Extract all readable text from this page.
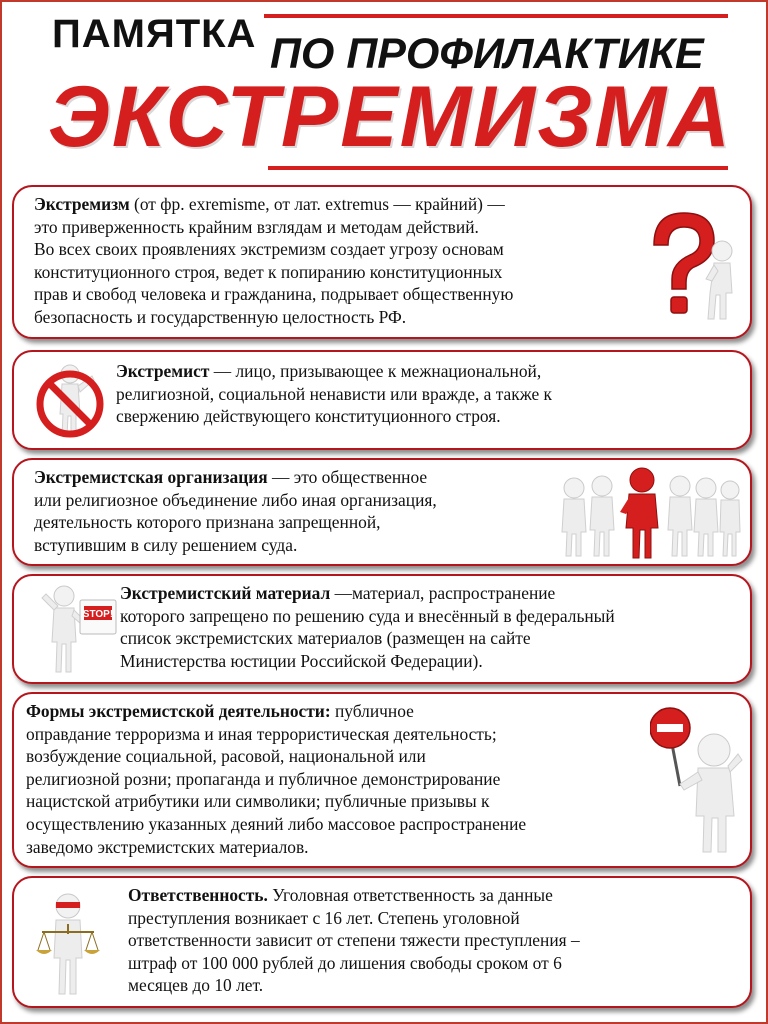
ПАМЯТКА ПО ПРОФИЛАКТИКЕ
ЭКСТРЕМИЗМА
Экстремизм (от фр. exremisme, от лат. extremus — крайний) —
это приверженность крайним взглядам и методам действий.
Во всех своих проявлениях экстремизм создает угрозу основам
конституционного строя, ведет к попиранию конституционных
прав и свобод человека и гражданина, подрывает общественную
безопасность и государственную целостность РФ.
Экстремист — лицо, призывающее к межнациональной,
религиозной, социальной ненависти или вражде, а также к
свержению действующего конституционного строя.
Экстремистская организация — это общественное
или религиозное объединение либо иная организация,
деятельность которого признана запрещенной,
вступившим в силу решением суда.
STOP!
Экстремистский материал —материал, распространение
которого запрещено по решению суда и внесённый в федеральный
список экстремистских материалов (размещен на сайте
Министерства юстиции Российской Федерации).
Формы экстремистской деятельности: публичное
оправдание терроризма и иная террористическая деятельность;
возбуждение социальной, расовой, национальной или
религиозной розни; пропаганда и публичное демонстрирование
нацистской атрибутики или символики; публичные призывы к
осуществлению указанных деяний либо массовое распространение
заведомо экстремистских материалов.
Ответственность. Уголовная ответственность за данные
преступления возникает с 16 лет. Степень уголовной
ответственности зависит от степени тяжести преступления –
штраф от 100 000 рублей до лишения свободы сроком от 6
месяцев до 10 лет.
